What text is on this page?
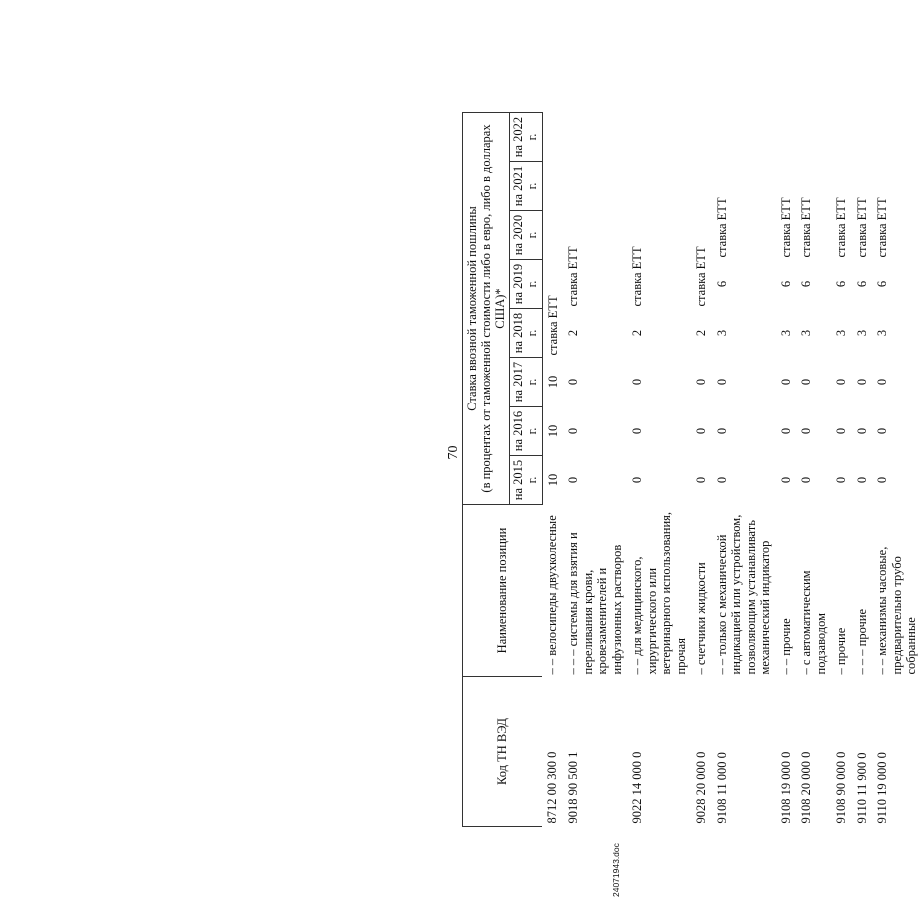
70
Код ТН ВЭД	Наименование позиции	Ставка ввозной таможенной пошлины							
		(в процентах от таможенной стоимости либо в евро, либо в долларах США)*							
		на 2015 г.	на 2016 г.	на 2017 г.	на 2018 г.	на 2019 г.	на 2020 г.	на 2021 г.	на 2022 г.
8712 00 300 0	– – велосипеды двухколесные	10	10	10	ставка ЕТТ				
9018 90 500 1	– – – системы для взятия и переливания крови, кровезаменителей и инфузионных растворов	0	0	0	2	ставка ЕТТ			
9022 14 000 0	– – для медицинского, хирургического или ветеринарного использования, прочая	0	0	0	2	ставка ЕТТ			
9028 20 000 0	– счетчики жидкости	0	0	0	2	ставка ЕТТ			
9108 11 000 0	– – только с механической индикацией или устройством, позволяющим устанавливать механический индикатор	0	0	0	3	6	ставка ЕТТ		
9108 19 000 0	– – прочие	0	0	0	3	6	ставка ЕТТ		
9108 20 000 0	– с автоматическим подзаводом	0	0	0	3	6	ставка ЕТТ		
9108 90 000 0	– прочие	0	0	0	3	6	ставка ЕТТ		
9110 11 900 0	– – – прочие	0	0	0	3	6	ставка ЕТТ		
9110 19 000 0	– – механизмы часовые, предварительно трубо собранные	0	0	0	3	6	ставка ЕТТ		
24071943.doc
